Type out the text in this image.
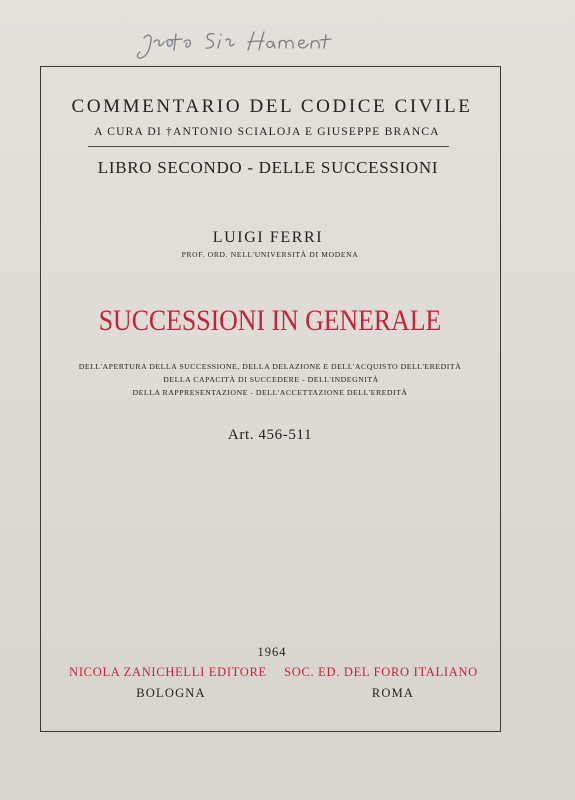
COMMENTARIO DEL CODICE CIVILE
A CURA DI †ANTONIO SCIALOJA E GIUSEPPE BRANCA
LIBRO SECONDO - DELLE SUCCESSIONI
LUIGI FERRI
PROF. ORD. NELL'UNIVERSITÀ DI MODENA
SUCCESSIONI IN GENERALE
DELL'APERTURA DELLA SUCCESSIONE, DELLA DELAZIONE E DELL'ACQUISTO DELL'EREDITÀ
DELLA CAPACITÀ DI SUCCEDERE - DELL'INDEGNITÀ
DELLA RAPPRESENTAZIONE - DELL'ACCETTAZIONE DELL'EREDITÀ
Art. 456-511
1964
NICOLA ZANICHELLI EDITORE SOC. ED. DEL FORO ITALIANO
BOLOGNA	ROMA
